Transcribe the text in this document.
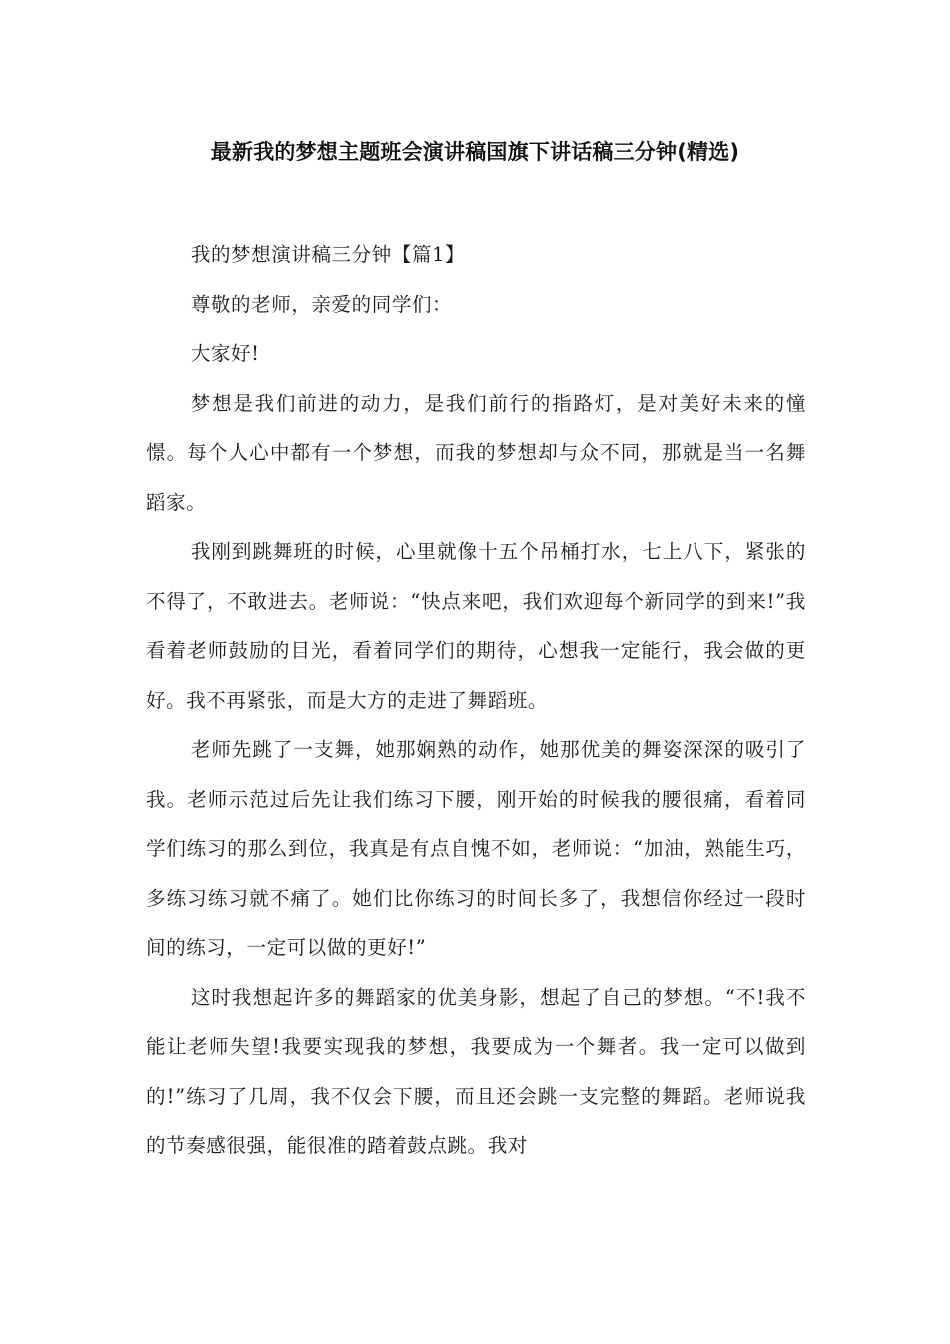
最新我的梦想主题班会演讲稿国旗下讲话稿三分钟(精选)

我的梦想演讲稿三分钟【篇1】

尊敬的老师，亲爱的同学们：

大家好!

梦想是我们前进的动力，是我们前行的指路灯，是对美好未来的憧憬。每个人心中都有一个梦想，而我的梦想却与众不同，那就是当一名舞蹈家。

我刚到跳舞班的时候，心里就像十五个吊桶打水，七上八下，紧张的不得了，不敢进去。老师说：“快点来吧，我们欢迎每个新同学的到来!”我看着老师鼓励的目光，看着同学们的期待，心想我一定能行，我会做的更好。我不再紧张，而是大方的走进了舞蹈班。

老师先跳了一支舞，她那娴熟的动作，她那优美的舞姿深深的吸引了我。老师示范过后先让我们练习下腰，刚开始的时候我的腰很痛，看着同学们练习的那么到位，我真是有点自愧不如，老师说：“加油，熟能生巧，多练习练习就不痛了。她们比你练习的时间长多了，我想信你经过一段时间的练习，一定可以做的更好!”

这时我想起许多的舞蹈家的优美身影，想起了自己的梦想。“不!我不能让老师失望!我要实现我的梦想，我要成为一个舞者。我一定可以做到的!”练习了几周，我不仅会下腰，而且还会跳一支完整的舞蹈。老师说我的节奏感很强，能很准的踏着鼓点跳。我对
